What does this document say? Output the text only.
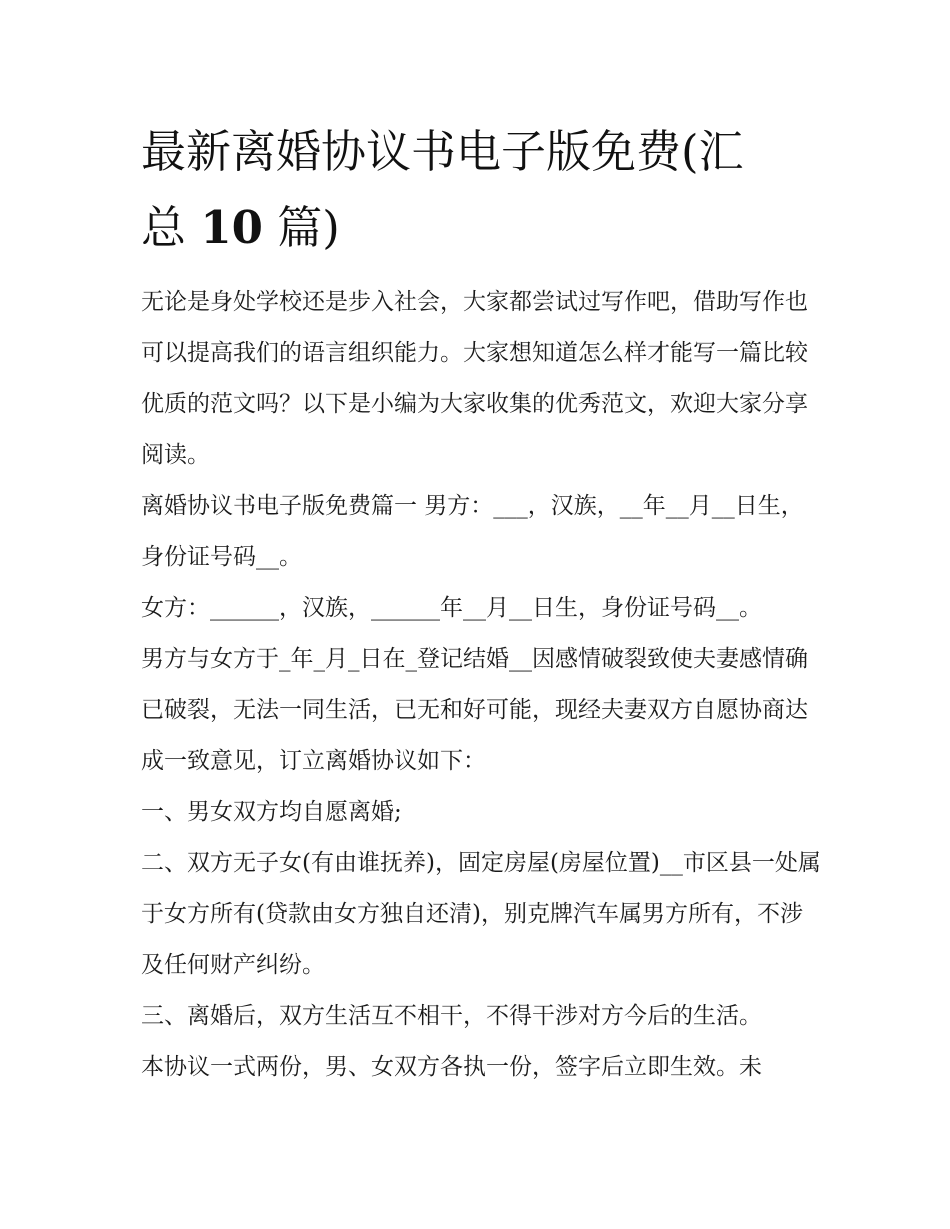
最新离婚协议书电子版免费(汇
总 10 篇)

无论是身处学校还是步入社会，大家都尝试过写作吧，借助写作也可以提高我们的语言组织能力。大家想知道怎么样才能写一篇比较优质的范文吗？以下是小编为大家收集的优秀范文，欢迎大家分享阅读。

离婚协议书电子版免费篇一 男方：___，汉族，__年__月__日生，身份证号码__。

女方：______，汉族，______年__月__日生，身份证号码__。

男方与女方于_年_月_日在_登记结婚__因感情破裂致使夫妻感情确已破裂，无法一同生活，已无和好可能，现经夫妻双方自愿协商达成一致意见，订立离婚协议如下：

一、男女双方均自愿离婚;

二、双方无子女(有由谁抚养)，固定房屋(房屋位置)__市区县一处属于女方所有(贷款由女方独自还清)，别克牌汽车属男方所有，不涉及任何财产纠纷。

三、离婚后，双方生活互不相干，不得干涉对方今后的生活。

本协议一式两份，男、女双方各执一份，签字后立即生效。未
